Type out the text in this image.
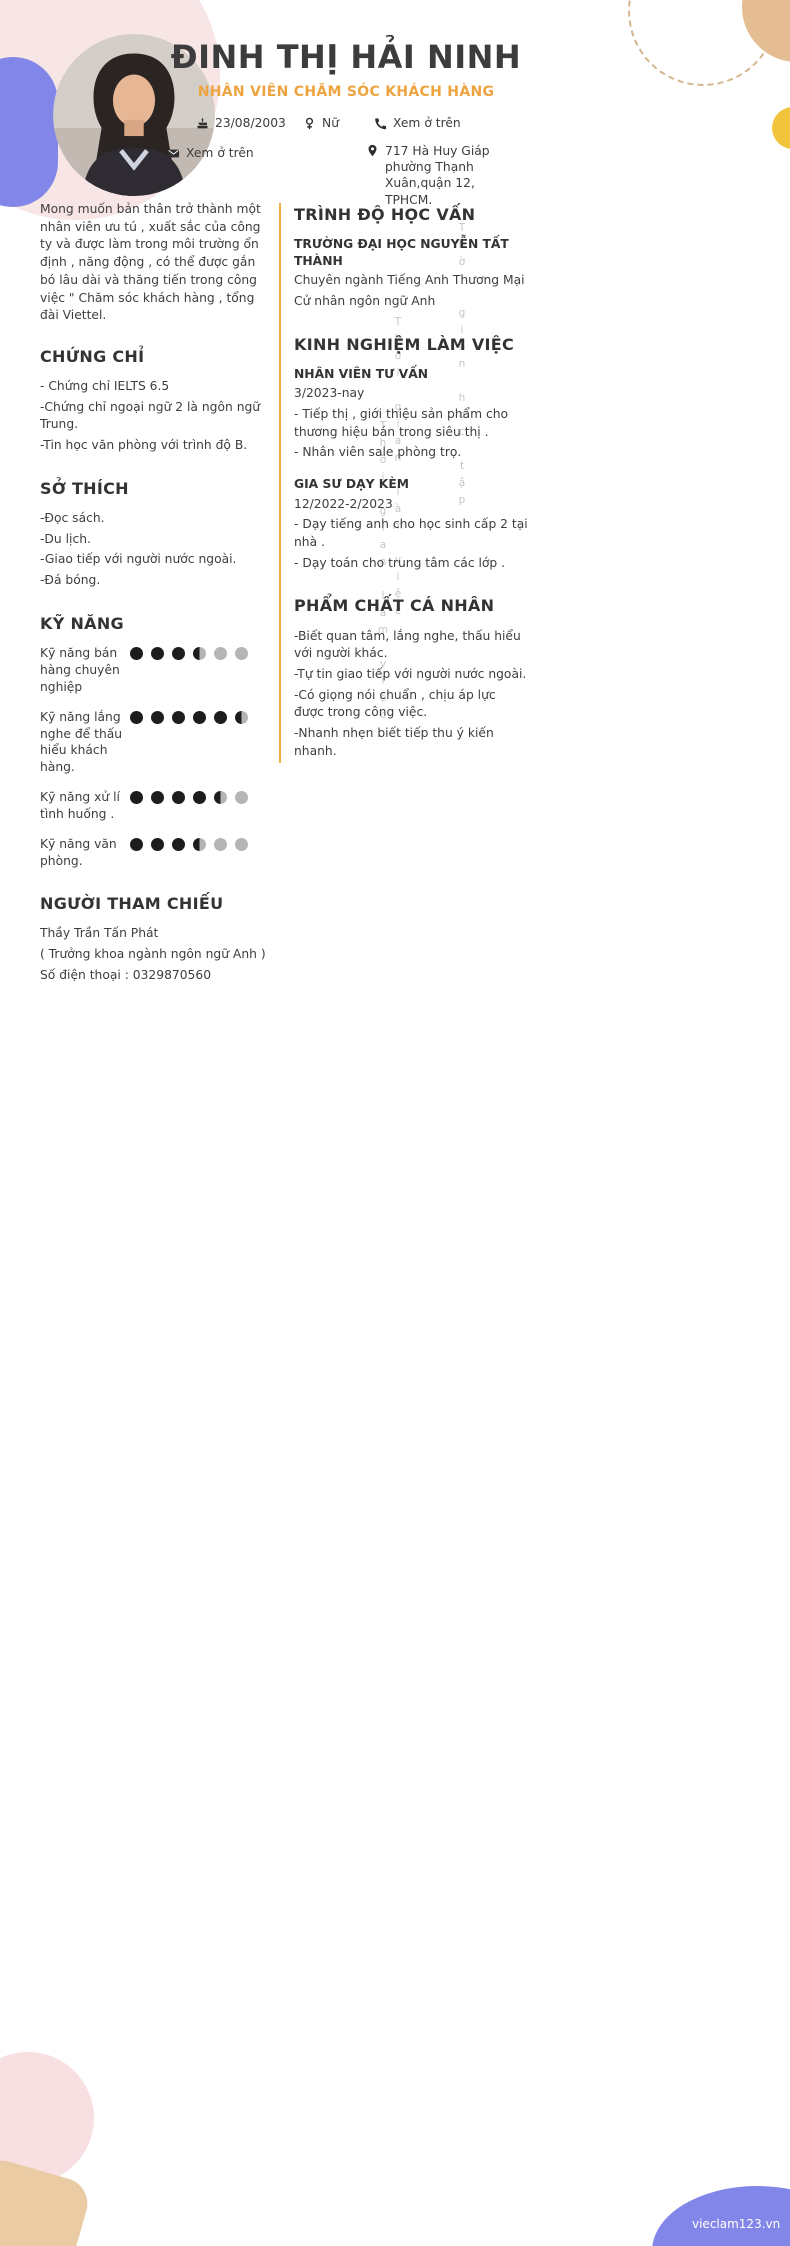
vieclam123.vn
ĐINH THỊ HẢI NINH
NHÂN VIÊN CHĂM SÓC KHÁCH HÀNG
23/08/2003	Nữ	Xem ở trên
Xem ở trên	717 Hà Huy Giáp phường Thạnh Xuân,quận 12, TPHCM.

Mong muốn bản thân trở thành một nhân viên ưu tú , xuất sắc của công ty và được làm trong môi trường ổn định , năng động , có thể được gắn bó lâu dài và thăng tiến trong công việc " Chăm sóc khách hàng , tổng đài Viettel.

CHỨNG CHỈ
- Chứng chỉ IELTS 6.5
-Chứng chỉ ngoại ngữ 2 là ngôn ngữ Trung.
-Tin học văn phòng với trình độ B.
SỞ THÍCH
-Đọc sách.
-Du lịch.
-Giao tiếp với người nước ngoài.
-Đá bóng.
KỸ NĂNG
Kỹ năng bán hàng chuyên nghiệp
Kỹ năng lắng nghe để thấu hiểu khách hàng.
Kỹ năng xử lí tình huống .
Kỹ năng văn phòng.
NGƯỜI THAM CHIẾU

Thầy Trần Tấn Phát

( Trưởng khoa ngành ngôn ngữ Anh )

Số điện thoại : 0329870560

TRÌNH ĐỘ HỌC VẤN
TRƯỜNG ĐẠI HỌC NGUYỄN TẤT THÀNH

Chuyên ngành Tiếng Anh Thương Mại

Cử nhân ngôn ngữ Anh

KINH NGHIỆM LÀM VIỆC
NHÂN VIÊN TƯ VẤN

3/2023-nay

- Tiếp thị , giới thiệu sản phẩm cho thương hiệu bán trong siêu thị .

- Nhân viên sale phòng trọ.

GIA SƯ DẠY KÈM

12/2022-2/2023

- Dạy tiếng anh cho học sinh cấp 2 tại nhà .

- Dạy toán cho trung tâm các lớp .

PHẨM CHẤT CÁ NHÂN

-Biết quan tâm, lắng nghe, thấu hiểu với người khác.

-Tự tin giao tiếp với người nước ngoài.

-Có giọng nói chuẩn , chịu áp lực được trong công việc.

-Nhanh nhẹn biết tiếp thu ý kiến nhanh.

Thời gian học tập
Thời gian làm việc
Thời gian làm việc
